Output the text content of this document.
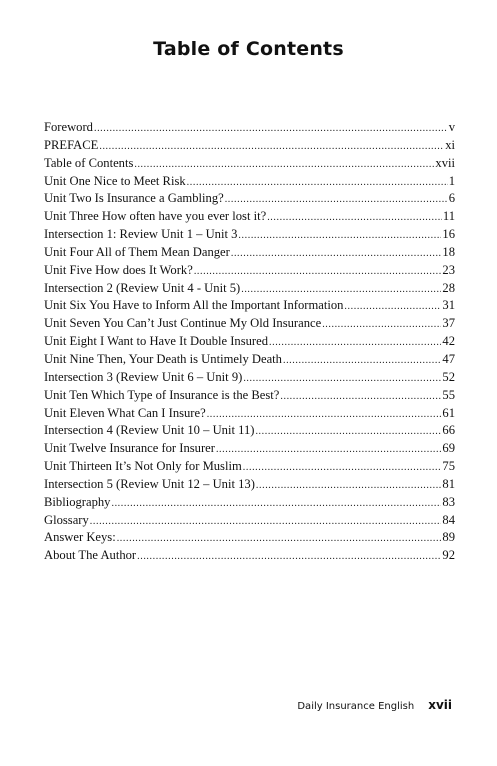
Table of Contents
Foreword .....	v
PREFACE .....	xi
Table of Contents .....	xvii
Unit One Nice to Meet Risk .....	1
Unit Two Is Insurance a Gambling? .....	6
Unit Three How often have you ever lost it? .....	11
Intersection 1: Review Unit 1 – Unit 3 .....	16
Unit Four All of Them Mean Danger .....	18
Unit Five How does It Work? .....	23
Intersection 2 (Review Unit 4 - Unit 5) .....	28
Unit Six You Have to Inform All the Important Information .....	31
Unit Seven You Can’t Just Continue My Old Insurance .....	37
Unit Eight I Want to Have It Double Insured .....	42
Unit Nine Then, Your Death is Untimely Death .....	47
Intersection 3 (Review Unit 6 – Unit 9) .....	52
Unit Ten Which Type of Insurance is the Best? .....	55
Unit Eleven What Can I Insure? .....	61
Intersection 4 (Review Unit 10 – Unit 11) .....	66
Unit Twelve Insurance for Insurer .....	69
Unit Thirteen It’s Not Only for Muslim .....	75
Intersection 5 (Review Unit 12 – Unit 13) .....	81
Bibliography .....	83
Glossary .....	84
Answer Keys: .....	89
About The Author .....	92
Daily Insurance English xvii
